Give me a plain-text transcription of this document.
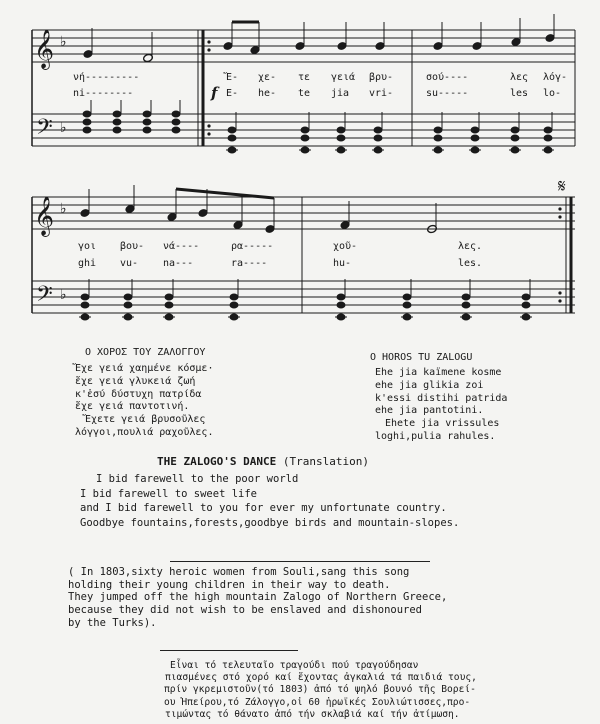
𝄞
𝄢
𝄞
𝄢
♭
♭
♭
♭
f
𝄋
νή---------	Ἔ- χε- τε γειά βρυ-	σού----	λες λόγ-
ni--------	E- he- te jia vri-	su-----	les lo-
γοι βου- νά----	ρα-----	χοῦ-	λες.
ghi vu- na---	ra----	hu-	les.
Ο ΧΟΡΟΣ ΤΟΥ ΖΑΛΟΓΓΟΥ
Ἔχε γειά χαημένε κόσμε·
ἔχε γειά γλυκειά ζωή
κ'ἐσύ δύστυχη πατρίδα
ἔχε γειά παντοτινή.
Ἔχετε γειά βρυσοῦλες
λόγγοι,πουλιά ραχοῦλες.
O HOROS TU ZALOGU
Ehe jia kaïmene kosme
ehe jia glikia zoi
k'essi distihi patrida
ehe jia pantotini.
Ehete jia vrissules
loghi,pulia rahules.
THE ZALOGO'S DANCE (Translation)
I bid farewell to the poor world
I bid farewell to sweet life
and I bid farewell to you for ever my unfortunate country.
Goodbye fountains,forests,goodbye birds and mountain-slopes.
( In 1803,sixty heroic women from Souli,sang this song
holding their young children in their way to death.
They jumped off the high mountain Zalogo of Northern Greece,
because they did not wish to be enslaved and dishonoured
by the Turks).
Εἶναι τό τελευταῖο τραγούδι πού τραγούδησαν
πιασμένες στό χορό καί ἔχοντας ἀγκαλιά τά παιδιά τους,
πρίν γκρεμιστοῦν(τό 1803) ἀπό τό ψηλό βουνό τῆς Βορεί-
ου Ἠπείρου,τό Ζάλογγο,οἱ 60 ἡρωϊκές Σουλιώτισσες,προ-
τιμώντας τό θάνατο ἀπό τήν σκλαβιά καί τήν ἀτίμωση.
